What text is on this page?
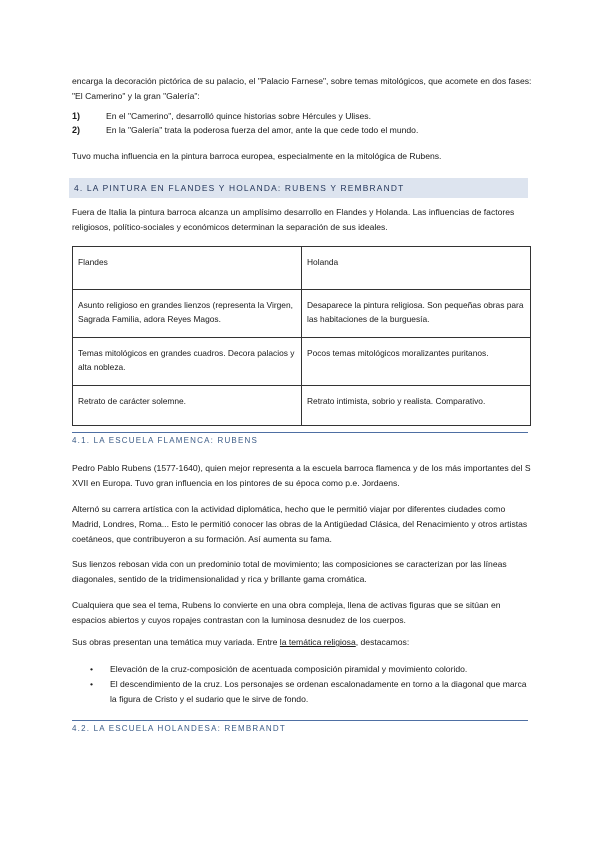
encarga la decoración pictórica de su palacio, el "Palacio Farnese", sobre temas mitológicos, que acomete en dos fases: "El Camerino" y la gran "Galería":

1)	En el "Camerino", desarrolló quince historias sobre Hércules y Ulises.
2)	En la "Galería" trata la poderosa fuerza del amor, ante la que cede todo el mundo.

Tuvo mucha influencia en la pintura barroca europea, especialmente en la mitológica de Rubens.

4. LA PINTURA EN FLANDES Y HOLANDA: RUBENS Y REMBRANDT

Fuera de Italia la pintura barroca alcanza un amplísimo desarrollo en Flandes y Holanda. Las influencias de factores religiosos, político-sociales y económicos determinan la separación de sus ideales.

Flandes	Holanda
Asunto religioso en grandes lienzos (representa la Virgen, Sagrada Familia, adora Reyes Magos.	Desaparece la pintura religiosa. Son pequeñas obras para las habitaciones de la burguesía.
Temas mitológicos en grandes cuadros. Decora palacios y alta nobleza.	Pocos temas mitológicos moralizantes puritanos.
Retrato de carácter solemne.	Retrato intimista, sobrio y realista. Comparativo.
4.1. LA ESCUELA FLAMENCA: RUBENS

Pedro Pablo Rubens (1577-1640), quien mejor representa a la escuela barroca flamenca y de los más importantes del S XVII en Europa. Tuvo gran influencia en los pintores de su época como p.e. Jordaens.

Alternó su carrera artística con la actividad diplomática, hecho que le permitió viajar por diferentes ciudades como Madrid, Londres, Roma... Esto le permitió conocer las obras de la Antigüedad Clásica, del Renacimiento y otros artistas coetáneos, que contribuyeron a su formación. Así aumenta su fama.

Sus lienzos rebosan vida con un predominio total de movimiento; las composiciones se caracterizan por las líneas diagonales, sentido de la tridimensionalidad y rica y brillante gama cromática.

Cualquiera que sea el tema, Rubens lo convierte en una obra compleja, llena de activas figuras que se sitúan en espacios abiertos y cuyos ropajes contrastan con la luminosa desnudez de los cuerpos.

Sus obras presentan una temática muy variada. Entre la temática religiosa, destacamos:

• Elevación de la cruz-composición de acentuada composición piramidal y movimiento colorido.
• El descendimiento de la cruz. Los personajes se ordenan escalonadamente en torno a la diagonal que marca la figura de Cristo y el sudario que le sirve de fondo.
4.2. LA ESCUELA HOLANDESA: REMBRANDT
